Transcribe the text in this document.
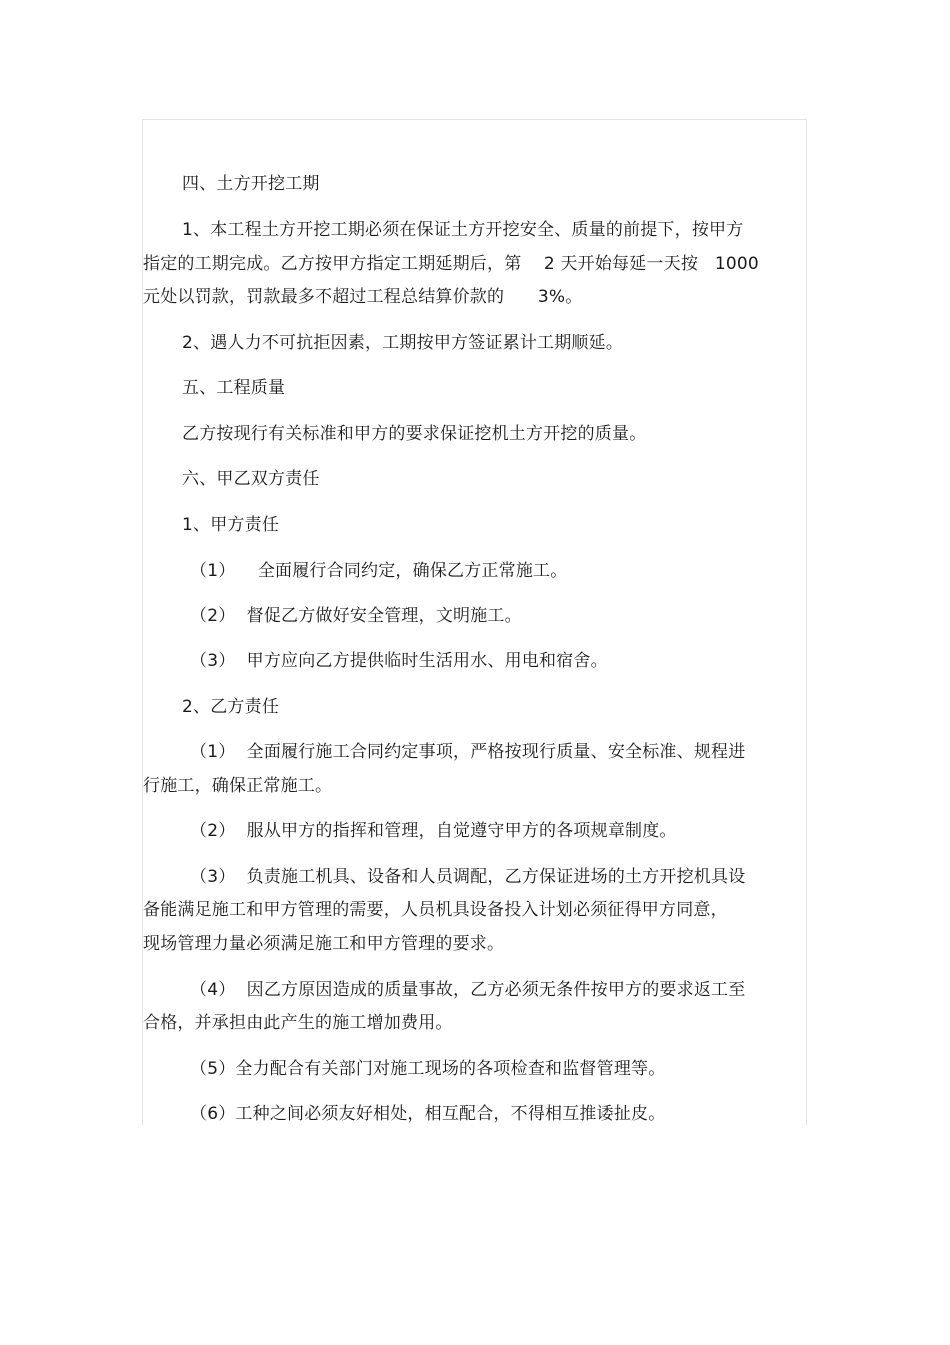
四、土方开挖工期
1、本工程土方开挖工期必须在保证土方开挖安全、质量的前提下，按甲方
指定的工期完成。乙方按甲方指定工期延期后，第    2 天开始每延一天按   1000
元处以罚款，罚款最多不超过工程总结算价款的      3%。
2、遇人力不可抗拒因素，工期按甲方签证累计工期顺延。
五、工程质量
乙方按现行有关标准和甲方的要求保证挖机土方开挖的质量。
六、甲乙双方责任
1、甲方责任
（1）    全面履行合同约定，确保乙方正常施工。
（2）  督促乙方做好安全管理，文明施工。
（3）  甲方应向乙方提供临时生活用水、用电和宿舍。
2、乙方责任
（1）  全面履行施工合同约定事项，严格按现行质量、安全标准、规程进
行施工，确保正常施工。
（2）  服从甲方的指挥和管理，自觉遵守甲方的各项规章制度。
（3）  负责施工机具、设备和人员调配，乙方保证进场的土方开挖机具设
备能满足施工和甲方管理的需要，人员机具设备投入计划必须征得甲方同意，
现场管理力量必须满足施工和甲方管理的要求。
（4）  因乙方原因造成的质量事故，乙方必须无条件按甲方的要求返工至
合格，并承担由此产生的施工增加费用。
（5）全力配合有关部门对施工现场的各项检查和监督管理等。
（6）工种之间必须友好相处，相互配合，不得相互推诿扯皮。
